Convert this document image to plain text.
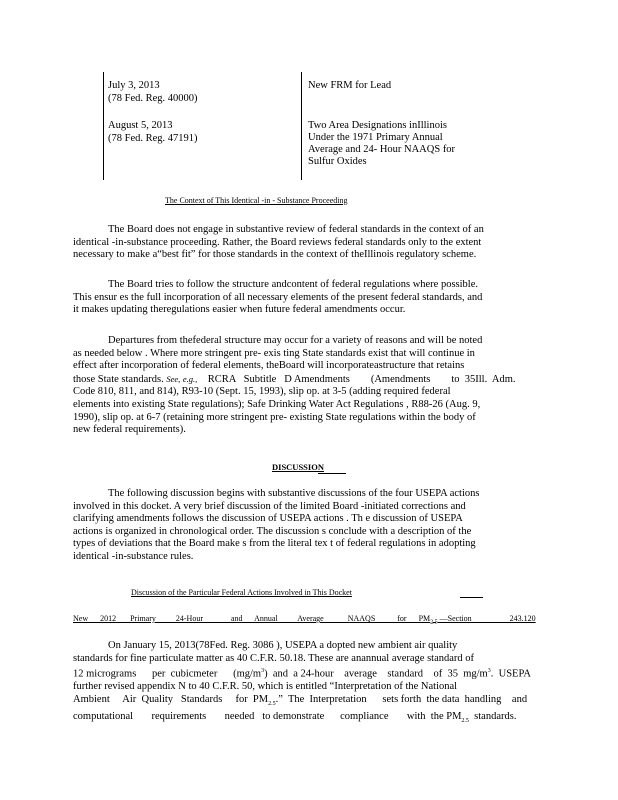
July 3, 2013
(78 Fed. Reg. 40000)
New FRM for Lead
August 5, 2013
(78 Fed. Reg. 47191)
Two Area Designations inIllinois
Under the 1971 Primary Annual
Average and 24- Hour NAAQS for
Sulfur Oxides
The Context of This Identical -in - Substance Proceeding
The Board does not engage in substantive review of federal standards in the context of an
identical -in-substance proceeding. Rather, the Board reviews federal standards only to the extent
necessary to make a“best fit” for those standards in the context of theIllinois regulatory scheme.
The Board tries to follow the structure andcontent of federal regulations where possible.
This ensur es the full incorporation of all necessary elements of the present federal standards, and
it makes updating theregulations easier when future federal amendments occur.
Departures from thefederal structure may occur for a variety of reasons and will be noted
as needed below . Where more stringent pre- exis ting State standards exist that will continue in
effect after incorporation of federal elements, theBoard will incorporateastructure that retains
those State standards. See, e.g.,    RCRA   Subtitle   D Amendments        (Amendments        to  35Ill.  Adm.
Code 810, 811, and 814), R93-10 (Sept. 15, 1993), slip op. at 3-5 (adding required federal
elements into existing State regulations); Safe Drinking Water Act Regulations , R88-26 (Aug. 9,
1990), slip op. at 6-7 (retaining more stringent pre- existing State regulations within the body of
new federal requirements).
DISCUSSION
The following discussion begins with substantive discussions of the four USEPA actions
involved in this docket. A very brief discussion of the limited Board -initiated corrections and
clarifying amendments follows the discussion of USEPA actions . Th e discussion of USEPA
actions is organized in chronological order. The discussion s conclude with a description of the
types of deviations that the Board make s from the literal tex t of federal regulations in adopting
identical -in-substance rules.
Discussion of the Particular Federal Actions Involved in This Docket
New      2012       Primary          24-Hour              and      Annual          Average            NAAQS           for      $PM_{2.5}$ —Section                   243.120
On January 15, 2013(78Fed. Reg. 3086 ), USEPA a dopted new ambient air quality
standards for fine particulate matter as 40 C.F.R. 50.18. These are anannual average standard of
12 micrograms      per  cubicmeter      $(mg/m^3)$  and  a 24-hour    average    standard    of  35  $mg/m^3$.  USEPA
further revised appendix N to 40 C.F.R. 50, which is entitled “Interpretation of the National
Ambient     Air  Quality   Standards     for  $PM_{2.5}$.”  The  Interpretation      sets forth  the data  handling    and
computational       requirements       needed   to demonstrate      compliance       with  the $PM_{2.5}$  standards.
